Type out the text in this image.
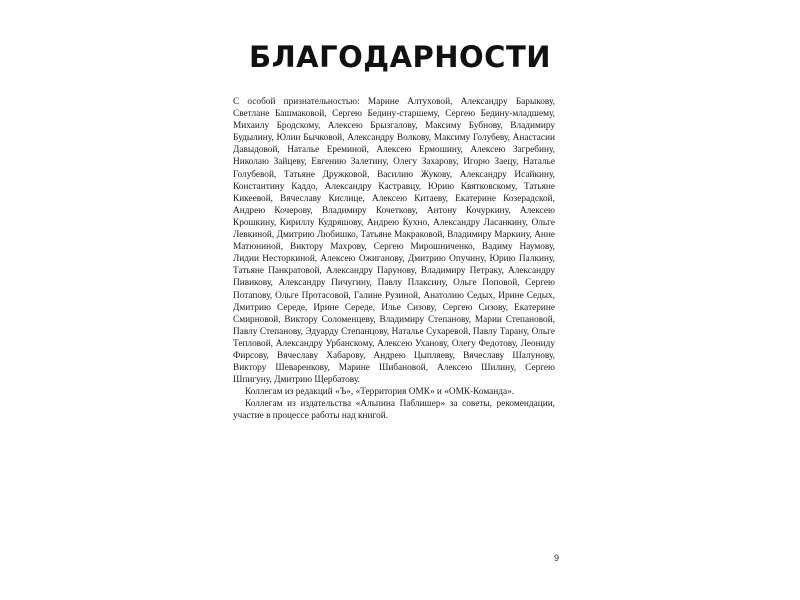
БЛАГОДАРНОСТИ

С особой признательностью: Марине Алтуховой, Александру Барыкову, Светлане Башмаковой, Сергею Бедину-старшему, Сергею Бедину-младшему, Михаилу Бродскому, Алексею Брызгалову, Максиму Бубнову, Владимиру Будылину, Юлии Бычковой, Александру Волкову, Максиму Голубеву, Анастасии Давыдовой, Наталье Ереминой, Алексею Ермошину, Алексею Загребину, Николаю Зайцеву, Евгению Залетину, Олегу Захарову, Игорю Заецу, Наталье Голубевой, Татьяне Дружковой, Василию Жукову, Александру Исайкину, Константину Каддо, Александру Кастравцу, Юрию Квятковскому, Татьяне Кикеевой, Вячеславу Кислице, Алексею Китаеву, Екатерине Козерадской, Андрею Кочерову, Владимиру Кочеткову, Антону Кочуркину, Алексею Крошкину, Кириллу Кудряшову, Андрею Кухно, Александру Ласанкину, Ольге Левкиной, Дмитрию Любишко, Татьяне Макраковой, Владимиру Маркину, Анне Матюниной, Виктору Махрову, Сергею Мирошниченко, Вадиму Наумову, Лидии Несторкиной, Алексею Ожиганову, Дмитрию Опучину, Юрию Палкину, Татьяне Панкратовой, Александру Парунову, Владимиру Петраку, Александру Пивикову, Александру Пичугину, Павлу Плаксину, Ольге Поповой, Сергею Потапову, Ольге Протасовой, Галине Рузиной, Анатолию Седых, Ирине Седых, Дмитрию Середе, Ирине Середе, Илье Сизову, Сергею Сизову, Екатерине Смирновой, Виктору Соломенцеву, Владимиру Степанову, Марии Степановой, Павлу Степанову, Эдуарду Степанцову, Наталье Сухаревой, Павлу Тарану, Ольге Тепловой, Александру Урбанскому, Алексею Уханову, Олегу Федотову, Леониду Фирсову, Вячеславу Хабарову, Андрею Цыпляеву, Вячеславу Шалунову, Виктору Шеваренкову, Марине Шибановой, Алексею Шилину, Сергею Шпигуну, Дмитрию Щербатову.

Коллегам из редакций «Ъ», «Территория ОМК» и «ОМК-Команда».

Коллегам из издательства «Альпина Паблишер» за советы, рекомендации, участие в процессе работы над книгой.

9
